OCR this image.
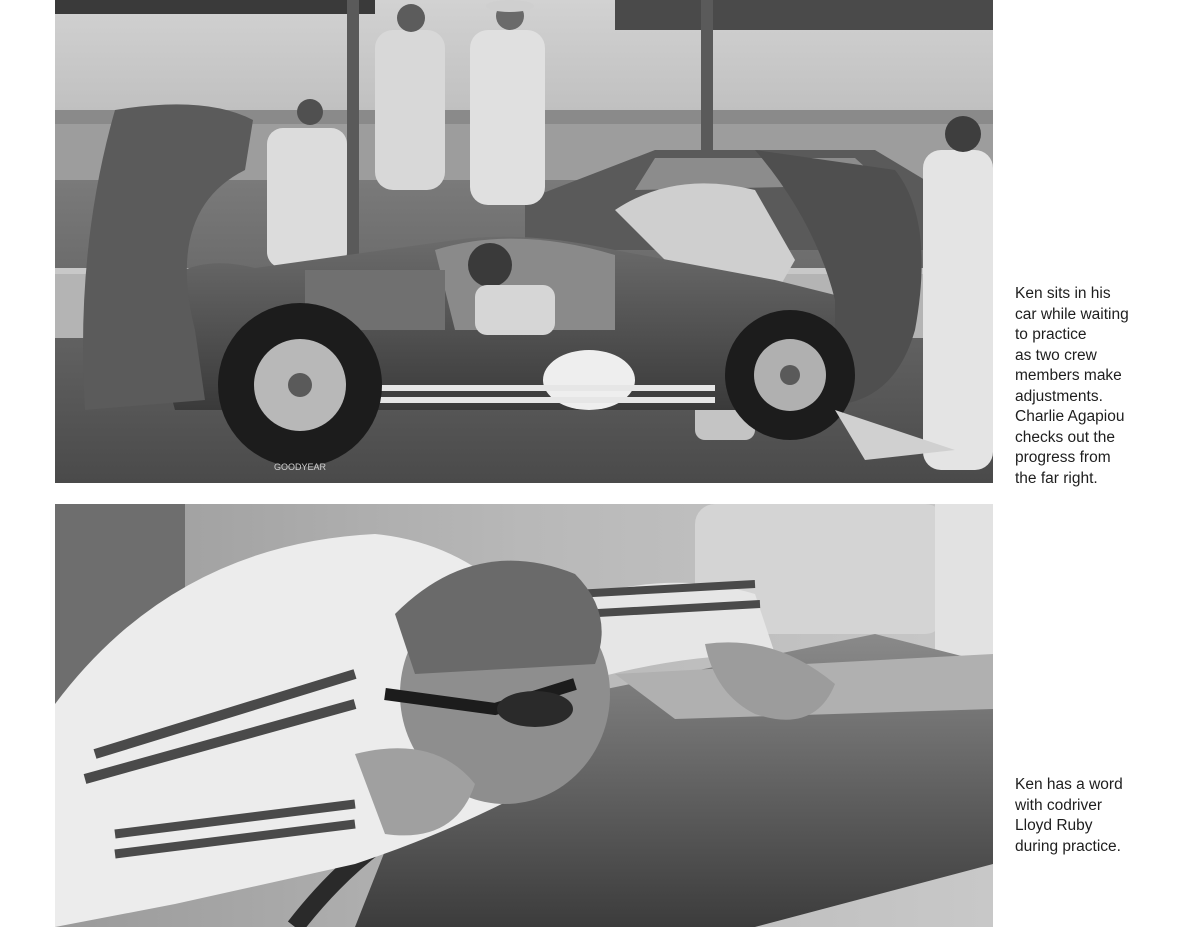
GOODYEAR

Ken sits in his
car while waiting
to practice
as two crew
members make
adjustments.
Charlie Agapiou
checks out the
progress from
the far right.

Ken has a word
with codriver
Lloyd Ruby
during practice.
